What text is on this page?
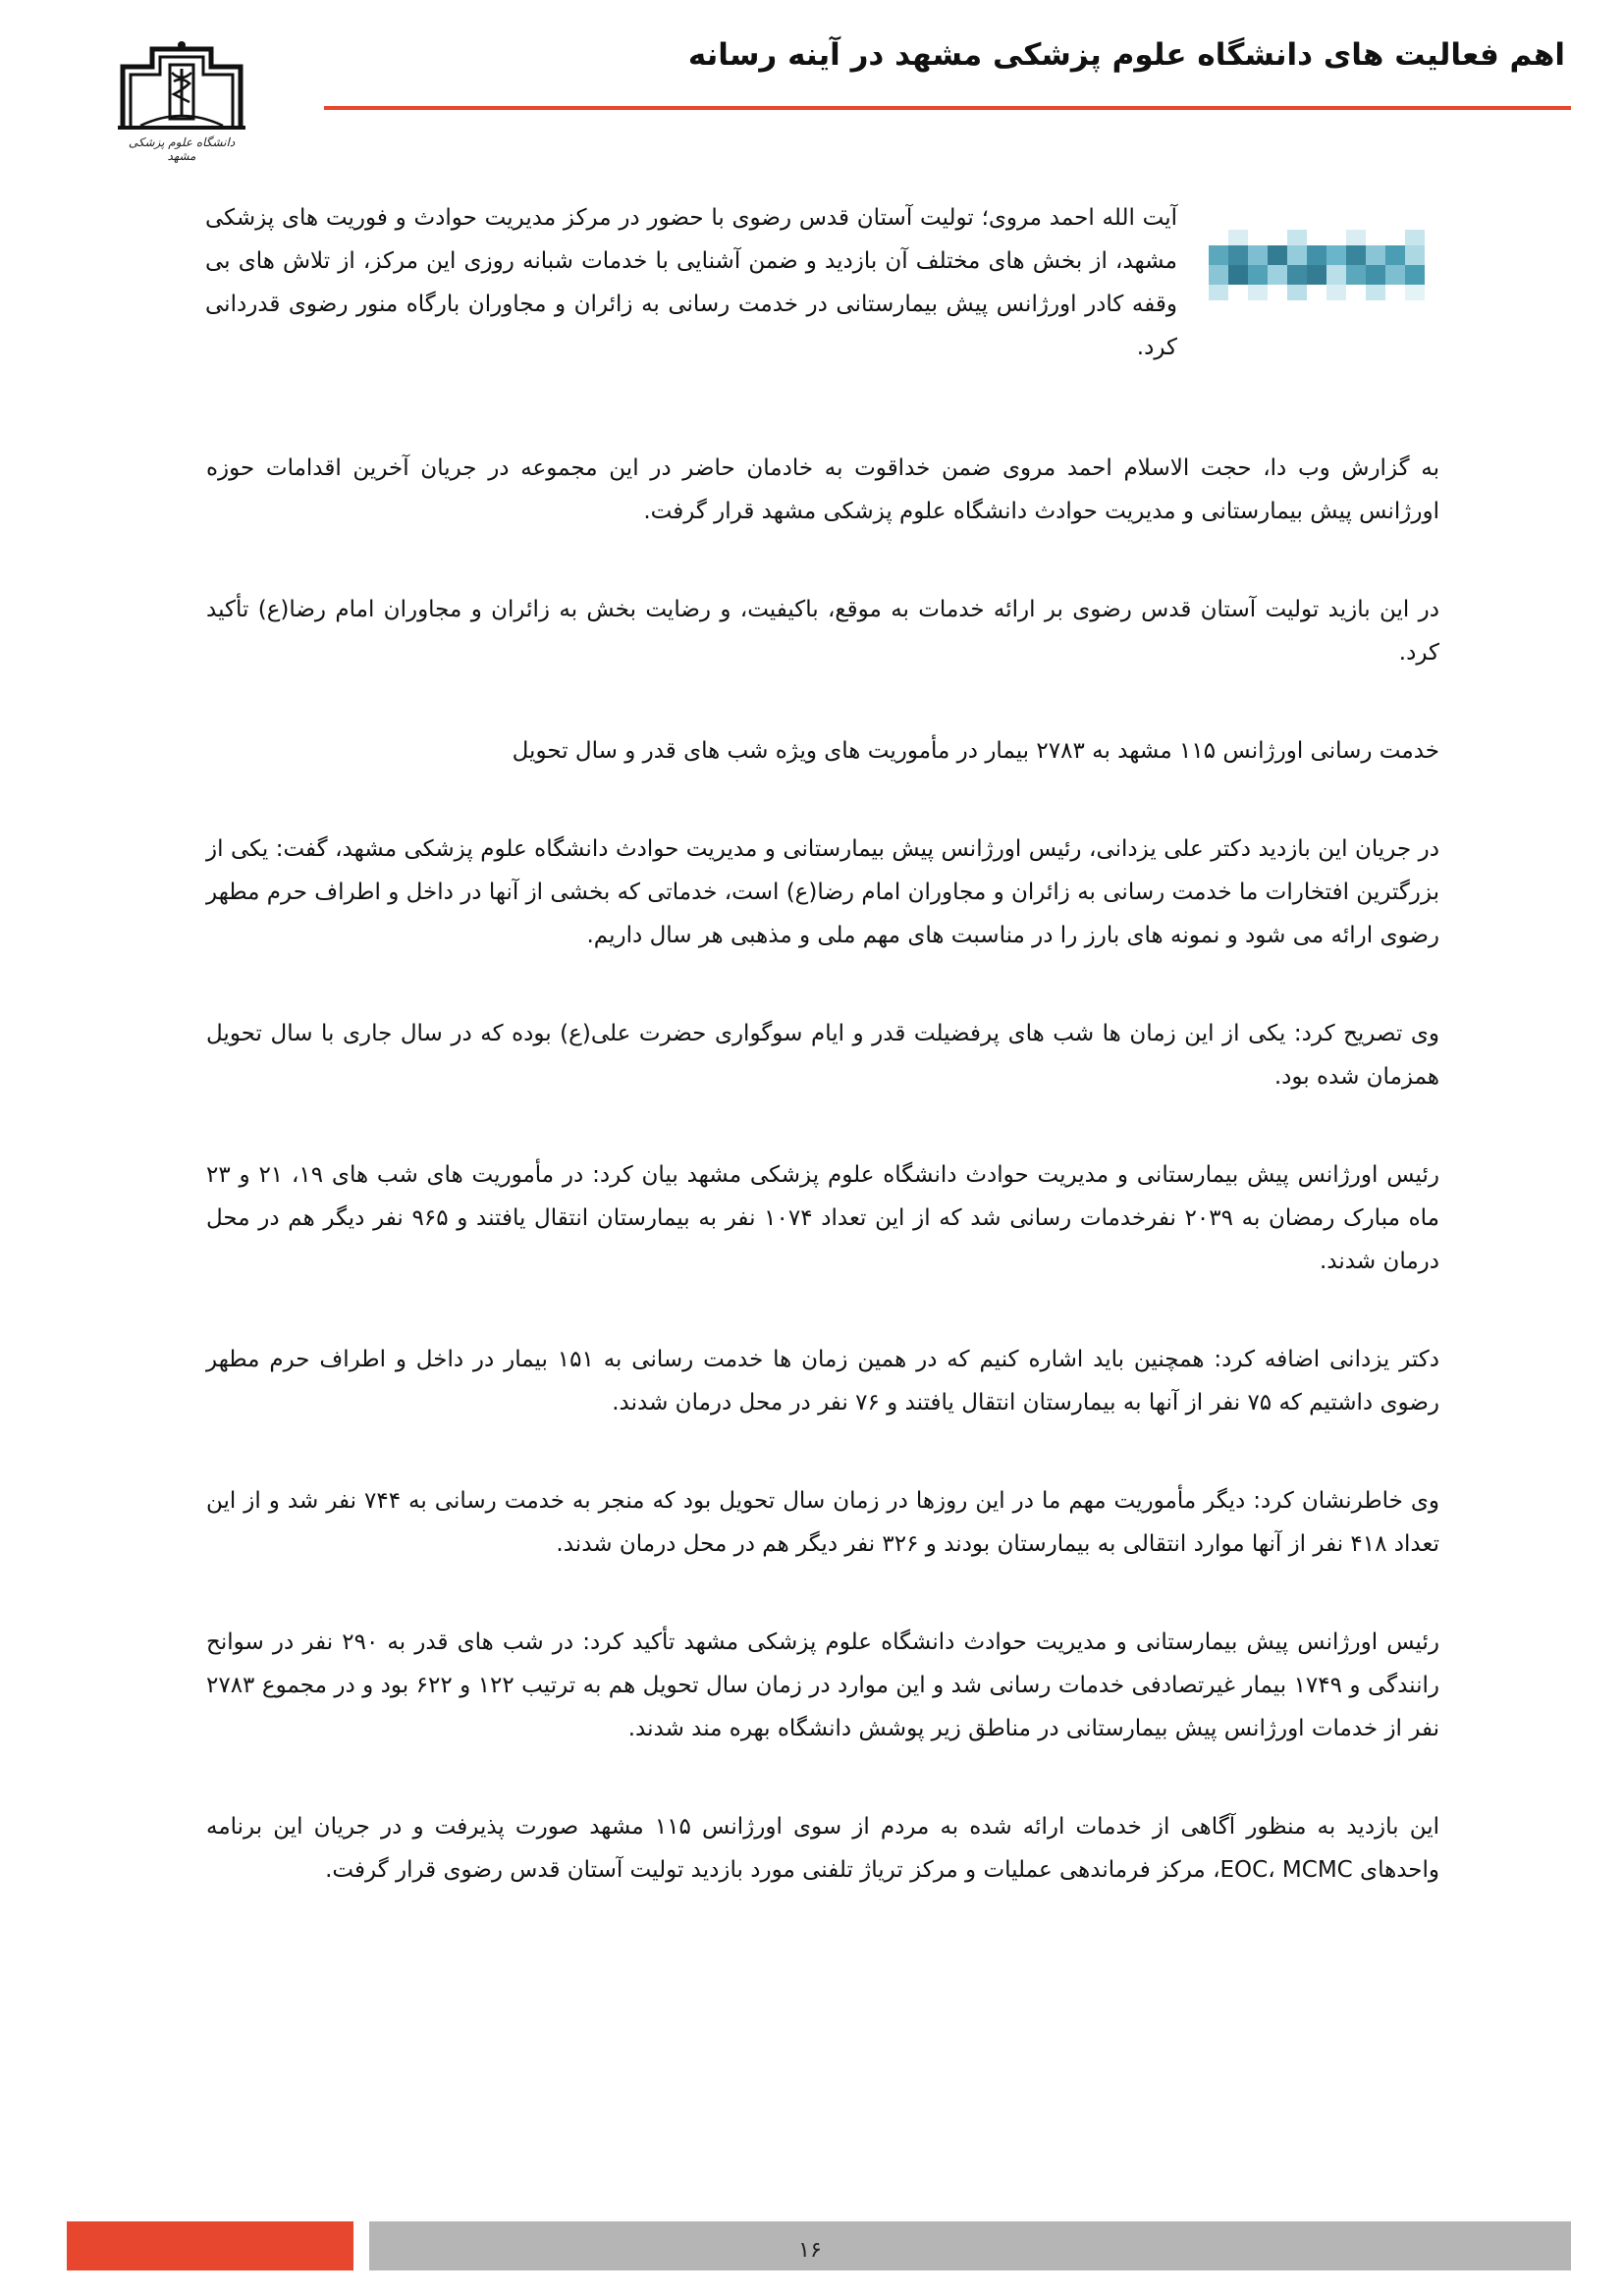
دانشگاه علوم پزشکی مشهد
اهم فعالیت های دانشگاه علوم پزشکی مشهد در آینه رسانه

آیت الله احمد مروی؛ تولیت آستان قدس رضوی با حضور در مرکز مدیریت حوادث و فوریت های پزشکی مشهد، از بخش های مختلف آن بازدید و ضمن آشنایی با خدمات شبانه روزی این مرکز، از تلاش های بی وقفه کادر اورژانس پیش بیمارستانی در خدمت رسانی به زائران و مجاوران بارگاه منور رضوی قدردانی کرد.

به گزارش وب دا، حجت الاسلام احمد مروی ضمن خداقوت به خادمان حاضر در این مجموعه در جریان آخرین اقدامات حوزه اورژانس پیش بیمارستانی و مدیریت حوادث دانشگاه علوم پزشکی مشهد قرار گرفت.

در این بازید تولیت آستان قدس رضوی بر ارائه خدمات به موقع، باکیفیت، و رضایت بخش به زائران و مجاوران امام رضا(ع) تأکید کرد.

خدمت رسانی اورژانس ۱۱۵ مشهد به ۲۷۸۳ بیمار در مأموریت های ویژه شب های قدر و سال تحویل

در جریان این بازدید دکتر علی یزدانی، رئیس اورژانس پیش بیمارستانی و مدیریت حوادث دانشگاه علوم پزشکی مشهد، گفت: یکی از بزرگترین افتخارات ما خدمت رسانی به زائران و مجاوران امام رضا(ع) است، خدماتی که بخشی از آنها در داخل و اطراف حرم مطهر رضوی ارائه می شود و نمونه های بارز را در مناسبت های مهم ملی و مذهبی هر سال داریم.

وی تصریح کرد: یکی از این زمان ها شب های پرفضیلت قدر و ایام سوگواری حضرت علی(ع) بوده که در سال جاری با سال تحویل همزمان شده بود.

رئیس اورژانس پیش بیمارستانی و مدیریت حوادث دانشگاه علوم پزشکی مشهد بیان کرد: در مأموریت های شب های ۱۹، ۲۱ و ۲۳ ماه مبارک رمضان به ۲۰۳۹ نفرخدمات رسانی شد که از این تعداد ۱۰۷۴ نفر به بیمارستان انتقال یافتند و ۹۶۵ نفر دیگر هم در محل درمان شدند.

دکتر یزدانی اضافه کرد: همچنین باید اشاره کنیم که در همین زمان ها خدمت رسانی به ۱۵۱ بیمار در داخل و اطراف حرم مطهر رضوی داشتیم که ۷۵ نفر از آنها به بیمارستان انتقال یافتند و ۷۶ نفر در محل درمان شدند.

وی خاطرنشان کرد: دیگر مأموریت مهم ما در این روزها در زمان سال تحویل بود که منجر به خدمت رسانی به ۷۴۴ نفر شد و از این تعداد ۴۱۸ نفر از آنها موارد انتقالی به بیمارستان بودند و ۳۲۶ نفر دیگر هم در محل درمان شدند.

رئیس اورژانس پیش بیمارستانی و مدیریت حوادث دانشگاه علوم پزشکی مشهد تأکید کرد: در شب های قدر به ۲۹۰ نفر در سوانح رانندگی و ۱۷۴۹ بیمار غیرتصادفی خدمات رسانی شد و این موارد در زمان سال تحویل هم به ترتیب ۱۲۲ و ۶۲۲ بود و در مجموع ۲۷۸۳ نفر از خدمات اورژانس پیش بیمارستانی در مناطق زیر پوشش دانشگاه بهره مند شدند.

این بازدید به منظور آگاهی از خدمات ارائه شده به مردم از سوی اورژانس ۱۱۵ مشهد صورت پذیرفت و در جریان این برنامه واحدهای EOC، MCMC، مرکز فرماندهی عملیات و مرکز تریاژ تلفنی مورد بازدید تولیت آستان قدس رضوی قرار گرفت.

۱۶
